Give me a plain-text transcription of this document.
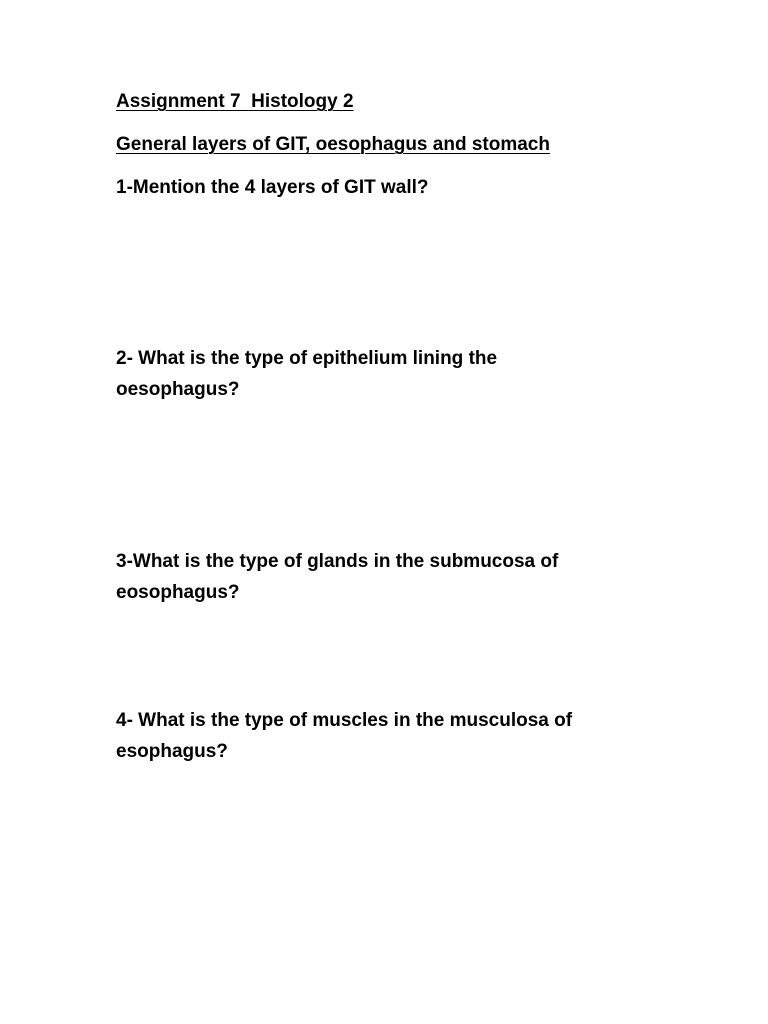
Assignment 7  Histology 2
General layers of GIT, oesophagus and stomach
1-Mention the 4 layers of GIT wall?
2- What is the type of epithelium lining the
oesophagus?
3-What is the type of glands in the submucosa of
eosophagus?
4- What is the type of muscles in the musculosa of
esophagus?
